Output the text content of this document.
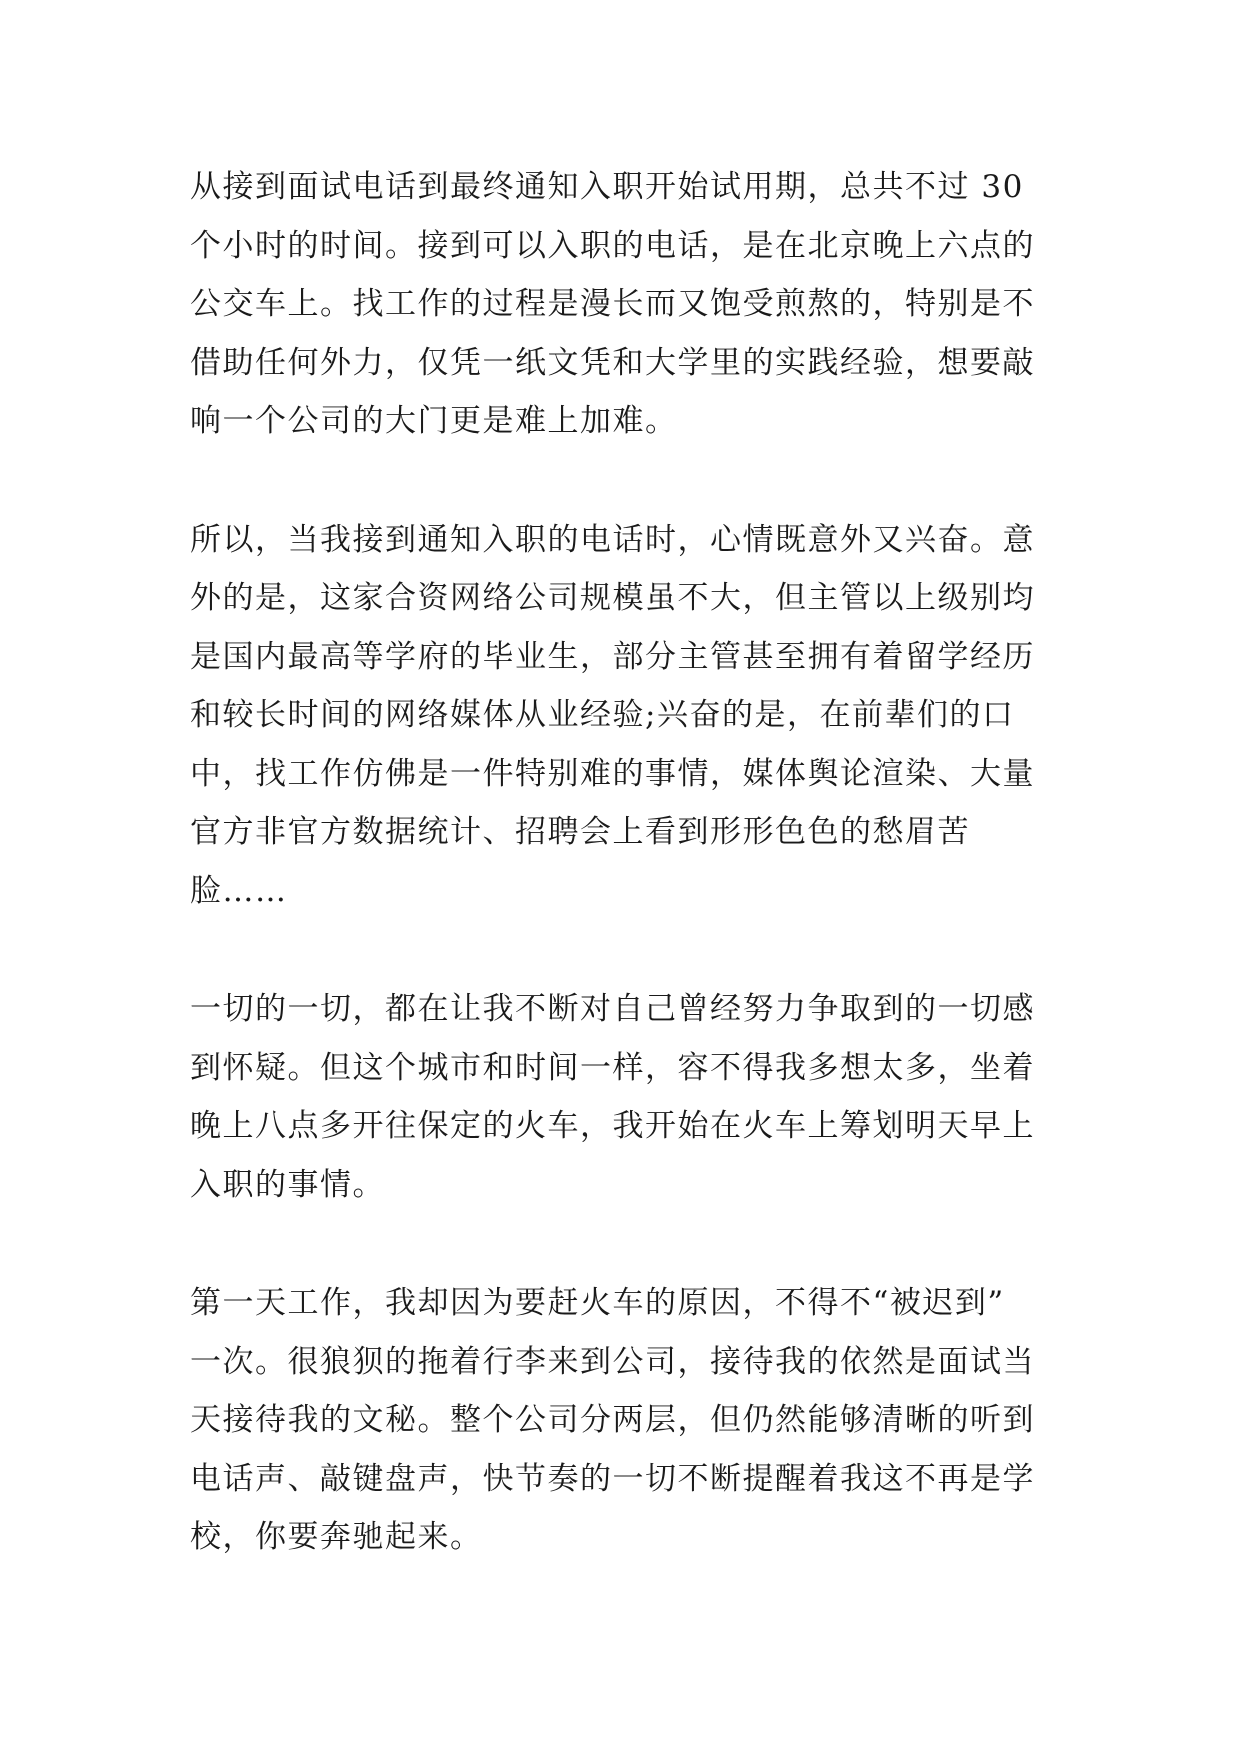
从接到面试电话到最终通知入职开始试用期，总共不过 30
个小时的时间。接到可以入职的电话，是在北京晚上六点的
公交车上。找工作的过程是漫长而又饱受煎熬的，特别是不
借助任何外力，仅凭一纸文凭和大学里的实践经验，想要敲
响一个公司的大门更是难上加难。
所以，当我接到通知入职的电话时，心情既意外又兴奋。意
外的是，这家合资网络公司规模虽不大，但主管以上级别均
是国内最高等学府的毕业生，部分主管甚至拥有着留学经历
和较长时间的网络媒体从业经验;兴奋的是，在前辈们的口
中，找工作仿佛是一件特别难的事情，媒体舆论渲染、大量
官方非官方数据统计、招聘会上看到形形色色的愁眉苦
脸……
一切的一切，都在让我不断对自己曾经努力争取到的一切感
到怀疑。但这个城市和时间一样，容不得我多想太多，坐着
晚上八点多开往保定的火车，我开始在火车上筹划明天早上
入职的事情。
第一天工作，我却因为要赶火车的原因，不得不“被迟到”
一次。很狼狈的拖着行李来到公司，接待我的依然是面试当
天接待我的文秘。整个公司分两层，但仍然能够清晰的听到
电话声、敲键盘声，快节奏的一切不断提醒着我这不再是学
校，你要奔驰起来。
